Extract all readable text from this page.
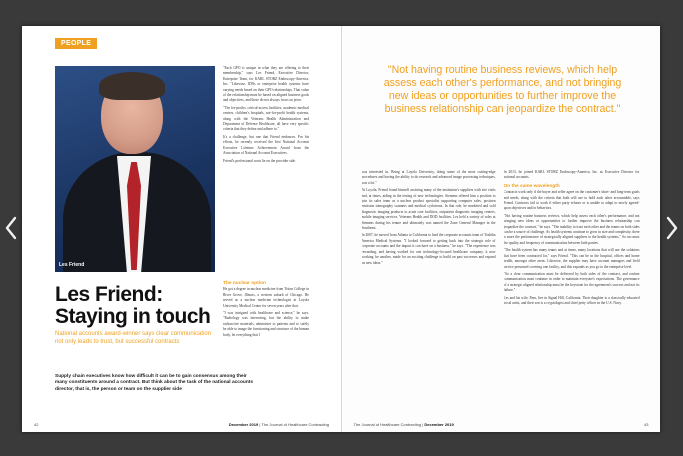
PEOPLE
Les Friend

"Each GPO is unique in what they are offering to their membership," says Les Friend, Executive Director, Enterprise Team, for KARL STORZ Endoscopy-America, Inc. "Likewise, IDNs or enterprise health systems have varying needs based on their GPO relationships. That value of the relationship must be based on aligned business goals and objectives, and these do not always focus on price.

"The for-profits, critical-access facilities, academic medical centers, children's hospitals, not-for-profit health systems, along with the Veterans Health Administration and Department of Defense Healthcare, all have very specific criteria that they define and adhere to."

It's a challenge, but one that Friend embraces. For his efforts, he recently received the first National Account Executive Lifetime Achievement Award from the Association of National Account Executives.

Friend's professional roots lie on the provider side.

The nuclear option

He got a degree in nuclear medicine from Triton College in River Grove, Illinois, a western suburb of Chicago. He served as a nuclear medicine technologist at Loyola University Medical Center for seven years after that.

"I was intrigued with healthcare and science," he says. "Radiology was interesting, but the ability to make radioactive materials, administer to patients and to safely be able to image the functioning and structure of the human body, let everything that I

Les Friend:
Staying in touch
National accounts award-winner says clear communication not only leads to trust, but successful contracts
Supply chain executives know how difficult it can be to gain consensus among their many constituents around a contract. But think about the task of the national accounts director, that is, the person or team on the supplier side
42	December 2019 | The Journal of Healthcare Contracting
"Not having routine business reviews, which help assess each other's performance, and not bringing new ideas or opportunities to further improve the business relationship can jeopardize the contract."

was interested in. Being at Loyola University, doing some of the most cutting-edge procedures and having the ability to do research and advanced image processing techniques, was a lot."

At Loyola, Friend found himself assisting many of the institution's suppliers with site visits and, at times, aiding in the testing of new technologies. Siemens offered him a position to join its sales team as a nuclear product specialist supporting computer sales, positron emission tomography scanners and medical cyclotrons. In that role, he marketed and sold diagnostic imaging products to acute care facilities, outpatient diagnostic imaging centers, mobile imaging services, Veterans Health and DOD facilities. Les held a variety of roles at Siemens during his tenure and ultimately was named the Zone General Manager in the Southeast.

In 2007, he moved from Atlanta to California to lead the corporate accounts team of Toshiba America Medical Systems. "I looked forward to getting back into the strategic role of corporate accounts and the impact it can have on a business," he says. "The experience was rewarding, and having worked for one technology-focused healthcare company, it now working for another, made for an exciting challenge to build on past successes and expand on new ideas."

In 2013, he joined KARL STORZ Endoscopy-America, Inc. as Executive Director for national accounts.

On the same wavelength

Contracts work only if the buyer and seller agree on the customer's short- and long-term goals and needs, along with the criteria that both will use to hold each other accountable, says Friend. Contracts fail to work if either party refuses or is unable to adapt to newly agreed-upon objectives and/or behaviors.

"Not having routine business reviews, which help assess each other's performance, and not bringing new ideas or opportunities to further improve the business relationship can jeopardize the contract," he says. "The inability to trust each other and the teams on both sides can be a source of challenge. As health systems continue to grow in size and complexity, there is more the performance of strategically aligned suppliers to the health systems." So too must the quality and frequency of communication between both parties.

"The health system has many teams and at times, many locations that will use the solutions that have been contracted for," says Friend. "This can be in the hospital, offices and home health, amongst other areas. Likewise, the supplier may have account managers and field service personnel covering one facility, and this expands as you go to the enterprise level.

"So a clear communication must be delivered by both sides of the contract, and routine communication must continue in order to maintain everyone's expectations. The governance of a strategic aligned relationship must be the keystone for the agreement's success and not its failure."

Les and his wife, Pam, live in Signal Hill, California. Their daughter is a classically educated vocal artist, and their son is a cryptologist and chief petty officer in the U.S. Navy.

The Journal of Healthcare Contracting | December 2019	43
